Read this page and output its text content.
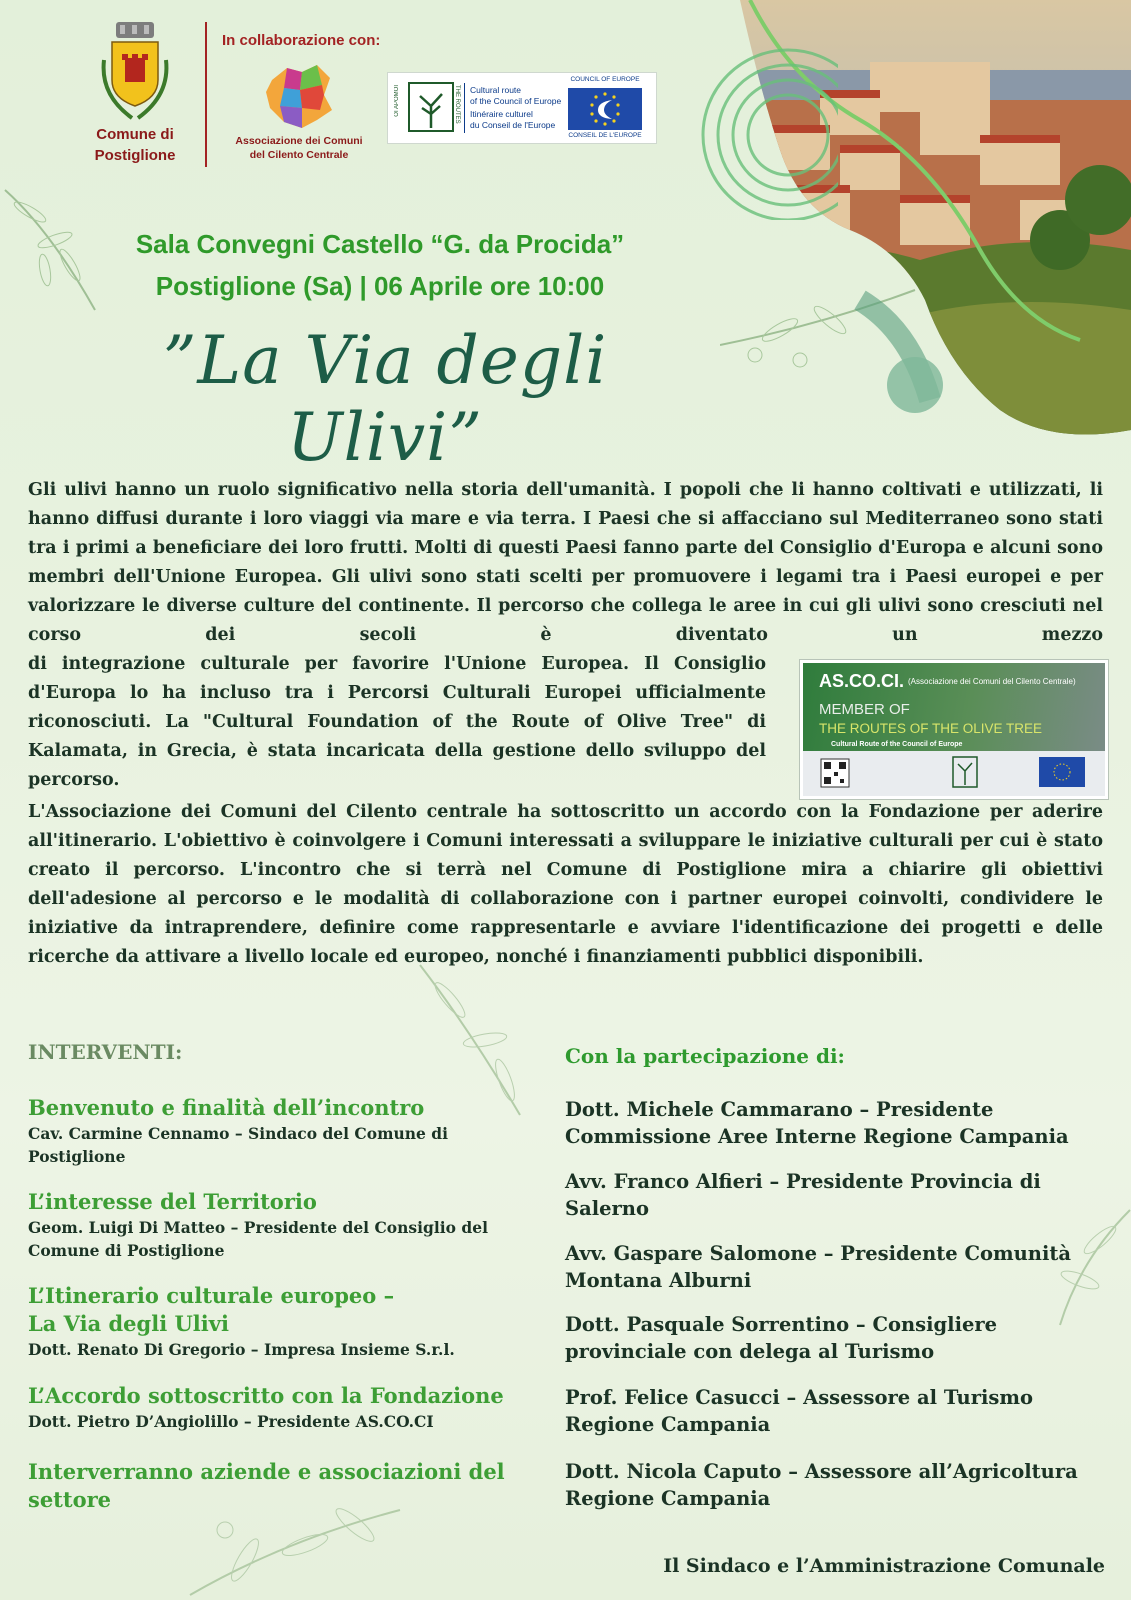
Comune di
Postiglione
In collaborazione con:
Associazione dei Comuni
del Cilento Centrale
OI APOMOI	THE ROUTES Cultural route
of the Council of Europe
Itinéraire culturel
du Conseil de l'Europe
COUNCIL OF EUROPE
CONSEIL DE L'EUROPE
Sala Convegni Castello “G. da Procida”
Postiglione (Sa) | 06 Aprile ore 10:00
”La Via degli Ulivi”
Gli ulivi hanno un ruolo significativo nella storia dell'umanità. I popoli che li hanno coltivati e utilizzati, li hanno diffusi durante i loro viaggi via mare e via terra. I Paesi che si affacciano sul Mediterraneo sono stati tra i primi a beneficiare dei loro frutti. Molti di questi Paesi fanno parte del Consiglio d'Europa e alcuni sono membri dell'Unione Europea. Gli ulivi sono stati scelti per promuovere i legami tra i Paesi europei e per valorizzare le diverse culture del continente. Il percorso che collega le aree in cui gli ulivi sono cresciuti nel corso dei secoli è diventato un mezzo
di integrazione culturale per favorire l'Unione Europea. Il Consiglio d'Europa lo ha incluso tra i Percorsi Culturali Europei ufficialmente riconosciuti. La "Cultural Foundation of the Route of Olive Tree" di Kalamata, in Grecia, è stata incaricata della gestione dello sviluppo del percorso.
L'Associazione dei Comuni del Cilento centrale ha sottoscritto un accordo con la Fondazione per aderire all'itinerario. L'obiettivo è coinvolgere i Comuni interessati a sviluppare le iniziative culturali per cui è stato creato il percorso. L'incontro che si terrà nel Comune di Postiglione mira a chiarire gli obiettivi dell'adesione al percorso e le modalità di collaborazione con i partner europei coinvolti, condividere le iniziative da intraprendere, definire come rappresentarle e avviare l'identificazione dei progetti e delle ricerche da attivare a livello locale ed europeo, nonché i finanziamenti pubblici disponibili.
AS.CO.CI. (Associazione dei Comuni del Cilento Centrale)
MEMBER OF
THE ROUTES OF THE OLIVE TREE
Cultural Route of the Council of Europe
INTERVENTI:
Benvenuto e finalità dell’incontro
Cav. Carmine Cennamo – Sindaco del Comune di Postiglione
L’interesse del Territorio
Geom. Luigi Di Matteo – Presidente del Consiglio del Comune di Postiglione
L’Itinerario culturale europeo –
La Via degli Ulivi
Dott. Renato Di Gregorio – Impresa Insieme S.r.l.
L’Accordo sottoscritto con la Fondazione
Dott. Pietro D’Angiolillo – Presidente AS.CO.CI
Interverranno aziende e associazioni del settore
Con la partecipazione di:
Dott. Michele Cammarano – Presidente Commissione Aree Interne Regione Campania
Avv. Franco Alfieri – Presidente Provincia di Salerno
Avv. Gaspare Salomone – Presidente Comunità Montana Alburni
Dott. Pasquale Sorrentino – Consigliere provinciale con delega al Turismo
Prof. Felice Casucci – Assessore al Turismo Regione Campania
Dott. Nicola Caputo – Assessore all’Agricoltura Regione Campania
Il Sindaco e l’Amministrazione Comunale
